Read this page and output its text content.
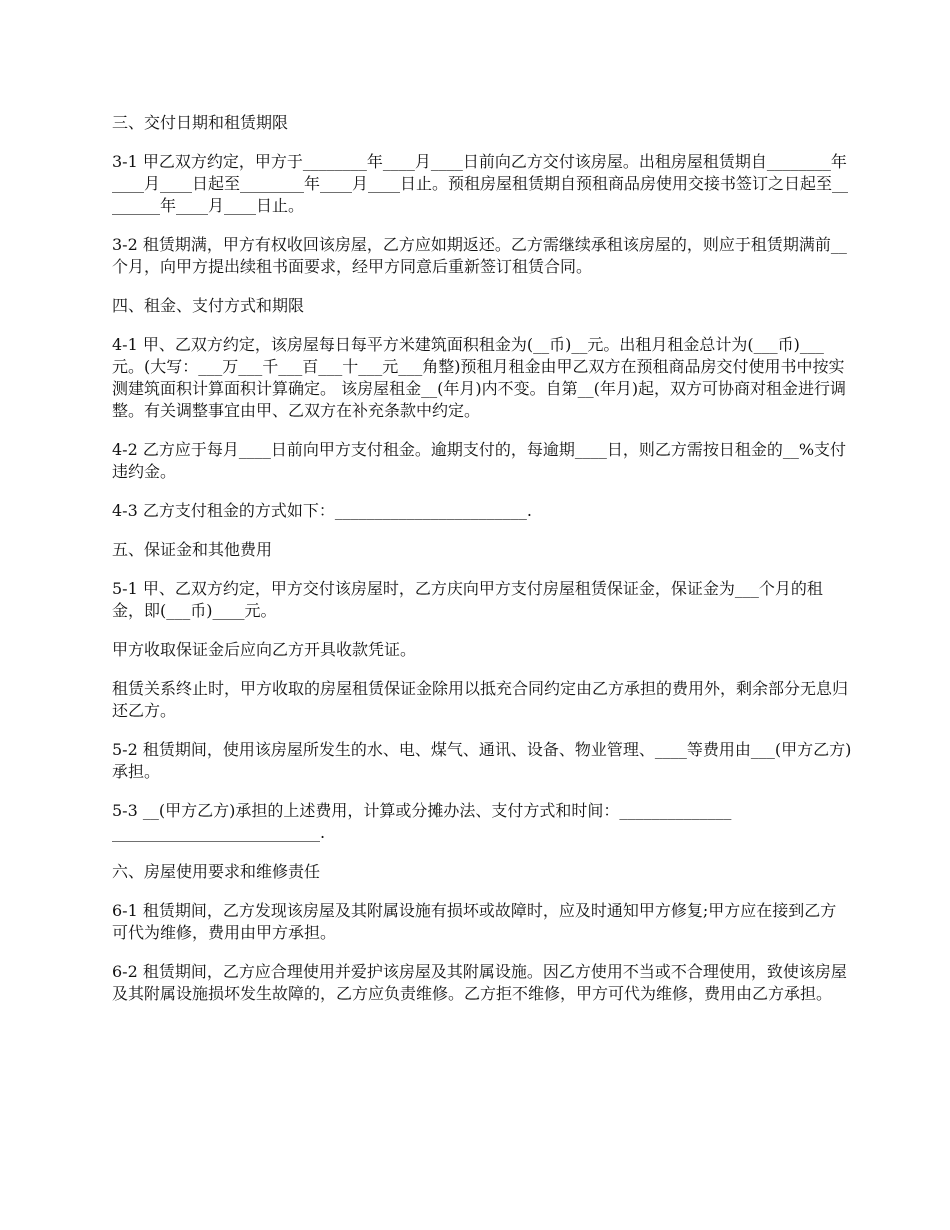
三、交付日期和租赁期限

3-1 甲乙双方约定，甲方于________年____月____日前向乙方交付该房屋。出租房屋租赁期自________年____月____日起至________年____月____日止。预租房屋租赁期自预租商品房使用交接书签订之日起至________年____月____日止。

3-2 租赁期满，甲方有权收回该房屋，乙方应如期返还。乙方需继续承租该房屋的，则应于租赁期满前__个月，向甲方提出续租书面要求，经甲方同意后重新签订租赁合同。

四、租金、支付方式和期限

4-1 甲、乙双方约定，该房屋每日每平方米建筑面积租金为(__币)__元。出租月租金总计为(___币)___元。(大写：___万___千___百___十___元___角整)预租月租金由甲乙双方在预租商品房交付使用书中按实测建筑面积计算面积计算确定。 该房屋租金__(年月)内不变。自第__(年月)起，双方可协商对租金进行调整。有关调整事宜由甲、乙双方在补充条款中约定。

4-2 乙方应于每月____日前向甲方支付租金。逾期支付的，每逾期____日，则乙方需按日租金的__%支付违约金。

4-3 乙方支付租金的方式如下：________________________.

五、保证金和其他费用

5-1 甲、乙双方约定，甲方交付该房屋时，乙方庆向甲方支付房屋租赁保证金，保证金为___个月的租金，即(___币)____元。

甲方收取保证金后应向乙方开具收款凭证。

租赁关系终止时，甲方收取的房屋租赁保证金除用以抵充合同约定由乙方承担的费用外，剩余部分无息归还乙方。

5-2 租赁期间，使用该房屋所发生的水、电、煤气、通讯、设备、物业管理、____等费用由___(甲方乙方)承担。

5-3 __(甲方乙方)承担的上述费用，计算或分摊办法、支付方式和时间：______________
__________________________.

六、房屋使用要求和维修责任

6-1 租赁期间，乙方发现该房屋及其附属设施有损坏或故障时，应及时通知甲方修复;甲方应在接到乙方可代为维修，费用由甲方承担。

6-2 租赁期间，乙方应合理使用并爱护该房屋及其附属设施。因乙方使用不当或不合理使用，致使该房屋及其附属设施损坏发生故障的，乙方应负责维修。乙方拒不维修，甲方可代为维修，费用由乙方承担。
